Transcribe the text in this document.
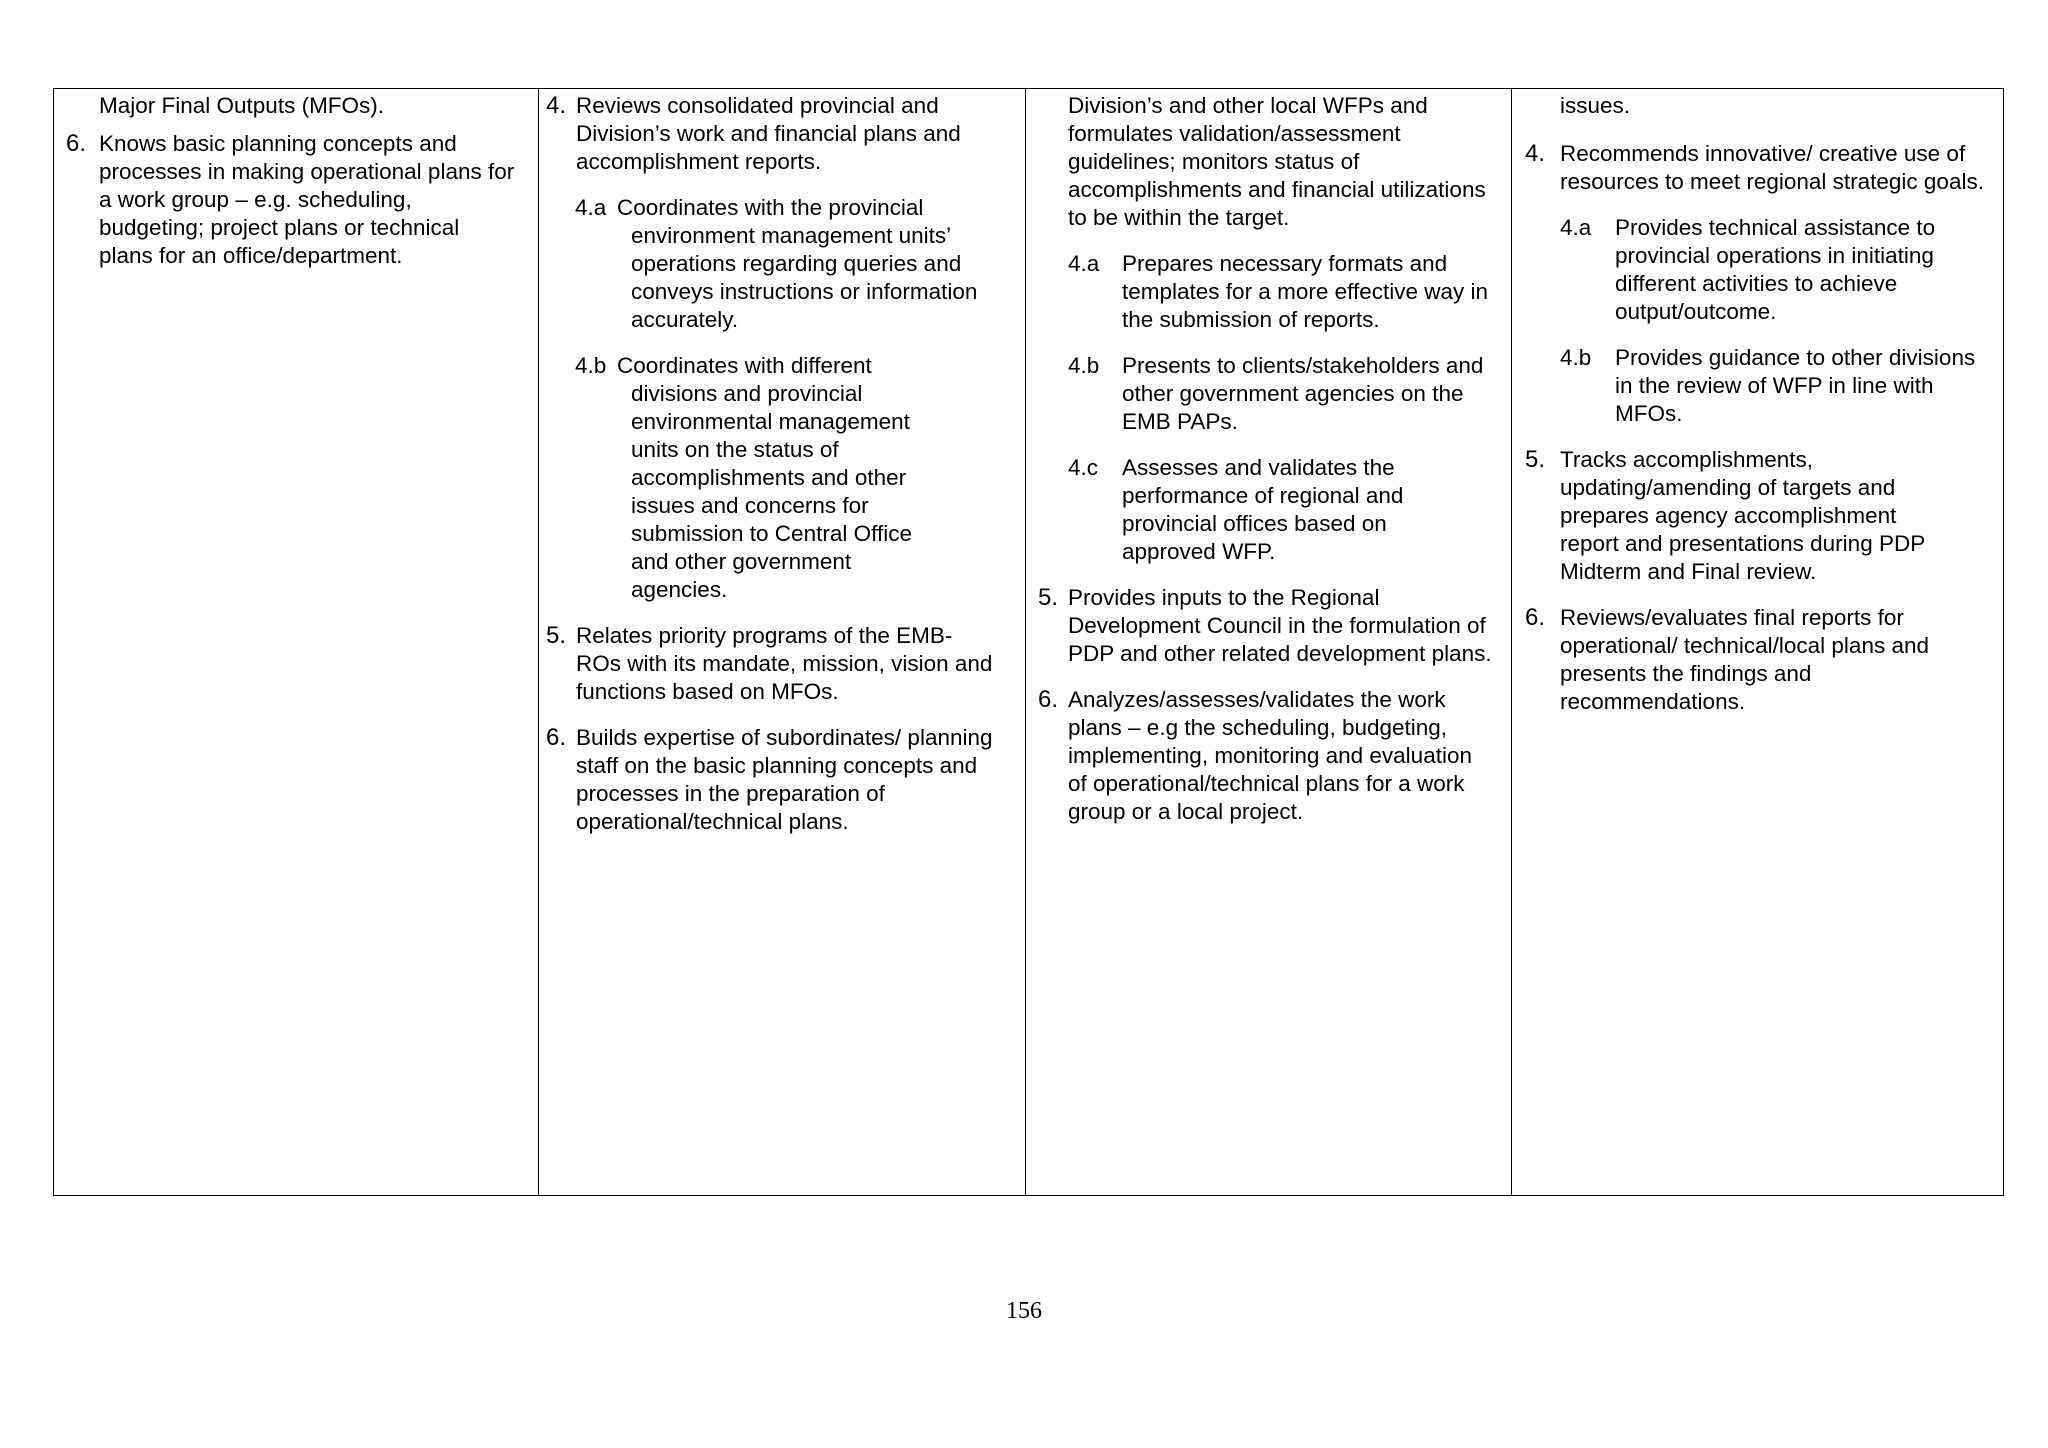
Major Final Outputs (MFOs).
6. Knows basic planning concepts and processes in making operational plans for a work group – e.g. scheduling, budgeting; project plans or technical plans for an office/department.

4. Reviews consolidated provincial and Division’s work and financial plans and accomplishment reports.
4.a Coordinates with the provincial environment management units’ operations regarding queries and conveys instructions or information accurately.
4.b Coordinates with different divisions and provincial environmental management units on the status of accomplishments and other issues and concerns for submission to Central Office and other government agencies.
5. Relates priority programs of the EMB-ROs with its mandate, mission, vision and functions based on MFOs.
6. Builds expertise of subordinates/ planning staff on the basic planning concepts and processes in the preparation of operational/technical plans.

Division’s and other local WFPs and formulates validation/assessment guidelines; monitors status of accomplishments and financial utilizations to be within the target.
4.a Prepares necessary formats and templates for a more effective way in the submission of reports.
4.b Presents to clients/stakeholders and other government agencies on the EMB PAPs.
4.c Assesses and validates the performance of regional and provincial offices based on approved WFP.
5. Provides inputs to the Regional Development Council in the formulation of PDP and other related development plans.
6. Analyzes/assesses/validates the work plans – e.g the scheduling, budgeting, implementing, monitoring and evaluation of operational/technical plans for a work group or a local project.

issues.
4. Recommends innovative/ creative use of resources to meet regional strategic goals.
4.a Provides technical assistance to provincial operations in initiating different activities to achieve output/outcome.
4.b Provides guidance to other divisions in the review of WFP in line with MFOs.
5. Tracks accomplishments, updating/amending of targets and prepares agency accomplishment report and presentations during PDP Midterm and Final review.
6. Reviews/evaluates final reports for operational/ technical/local plans and presents the findings and recommendations.
156
